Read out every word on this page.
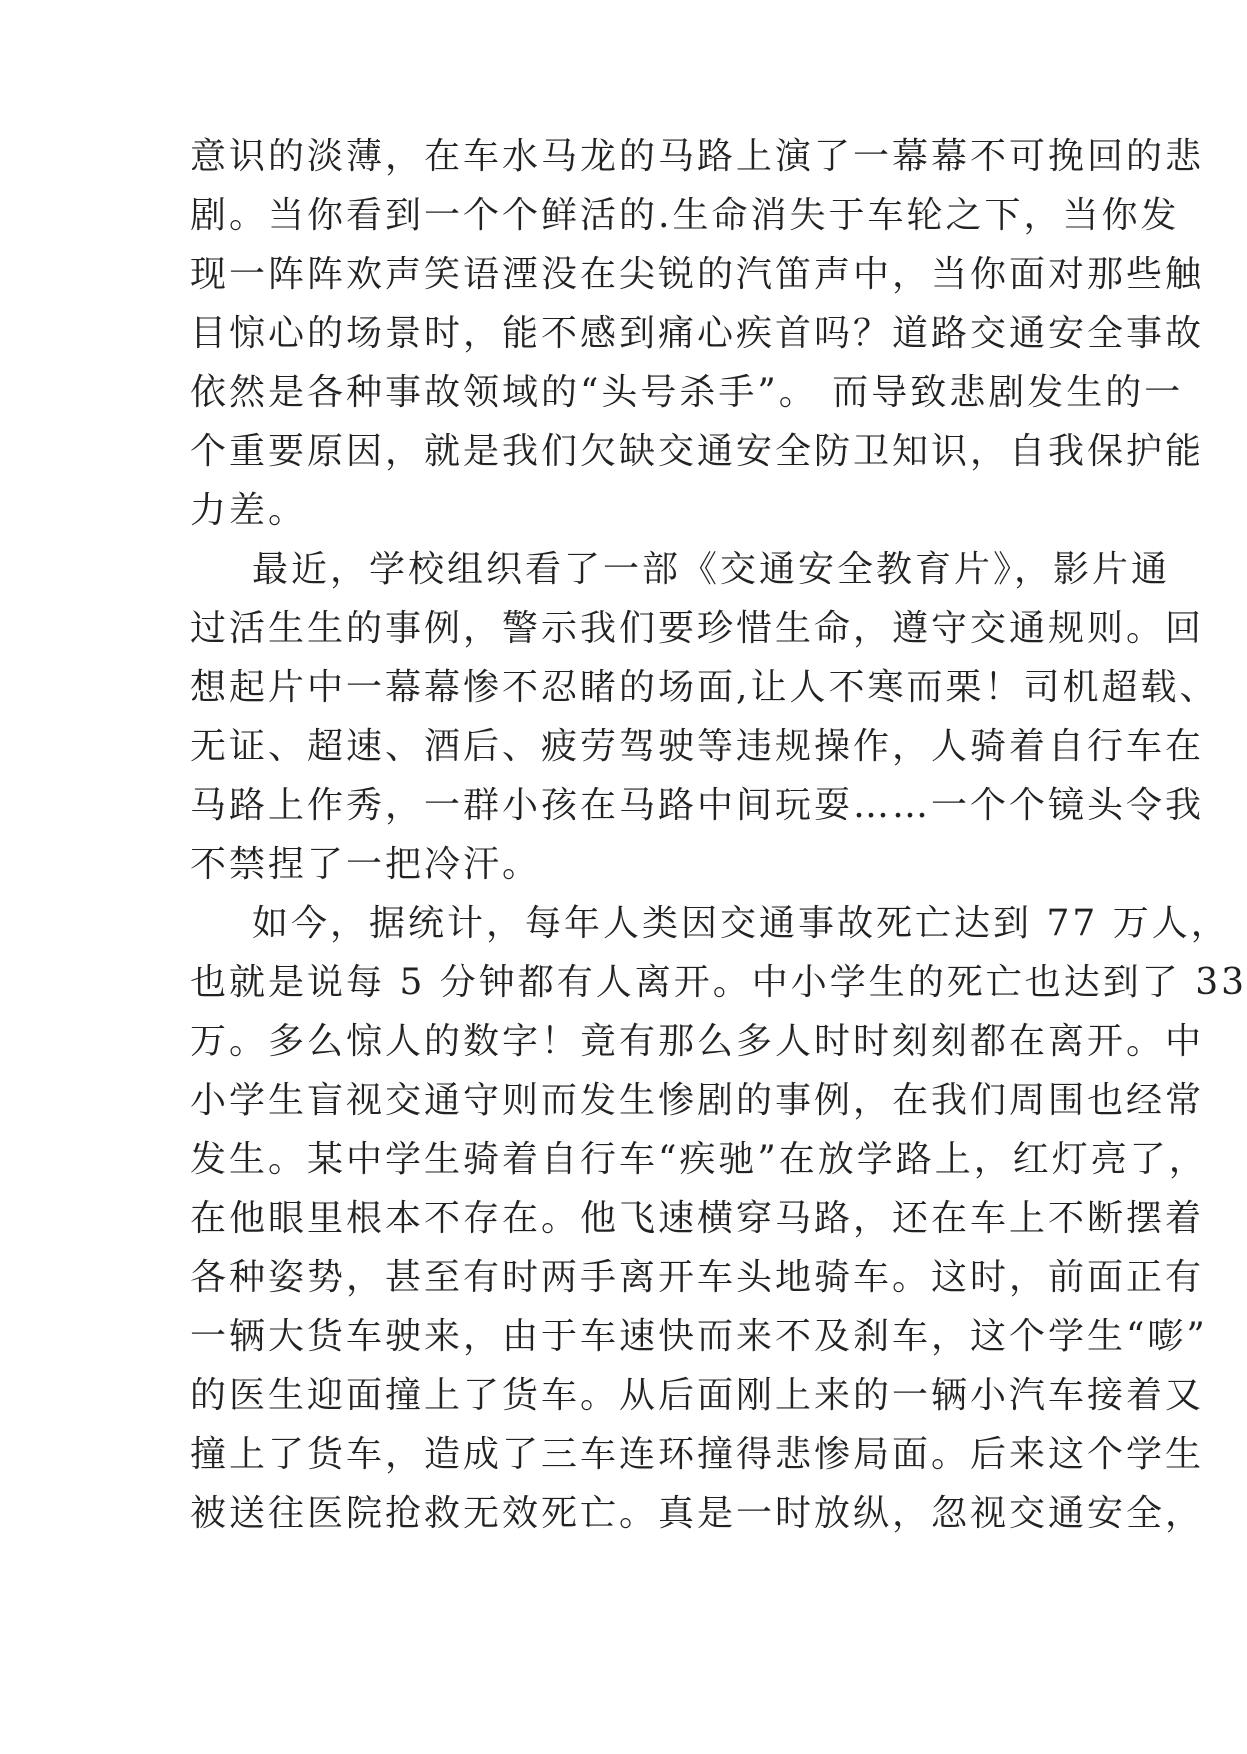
意识的淡薄，在车水马龙的马路上演了一幕幕不可挽回的悲
剧。当你看到一个个鲜活的.生命消失于车轮之下，当你发
现一阵阵欢声笑语湮没在尖锐的汽笛声中，当你面对那些触
目惊心的场景时，能不感到痛心疾首吗？道路交通安全事故
依然是各种事故领域的“头号杀手”。 而导致悲剧发生的一
个重要原因，就是我们欠缺交通安全防卫知识，自我保护能
力差。
最近，学校组织看了一部《交通安全教育片》，影片通
过活生生的事例，警示我们要珍惜生命，遵守交通规则。回
想起片中一幕幕惨不忍睹的场面,让人不寒而栗！司机超载、
无证、超速、酒后、疲劳驾驶等违规操作，人骑着自行车在
马路上作秀，一群小孩在马路中间玩耍……一个个镜头令我
不禁捏了一把冷汗。
如今，据统计，每年人类因交通事故死亡达到 77 万人，
也就是说每 5 分钟都有人离开。中小学生的死亡也达到了 33
万。多么惊人的数字！竟有那么多人时时刻刻都在离开。中
小学生盲视交通守则而发生惨剧的事例，在我们周围也经常
发生。某中学生骑着自行车“疾驰”在放学路上，红灯亮了，
在他眼里根本不存在。他飞速横穿马路，还在车上不断摆着
各种姿势，甚至有时两手离开车头地骑车。这时，前面正有
一辆大货车驶来，由于车速快而来不及刹车，这个学生“嘭”
的医生迎面撞上了货车。从后面刚上来的一辆小汽车接着又
撞上了货车，造成了三车连环撞得悲惨局面。后来这个学生
被送往医院抢救无效死亡。真是一时放纵，忽视交通安全，
